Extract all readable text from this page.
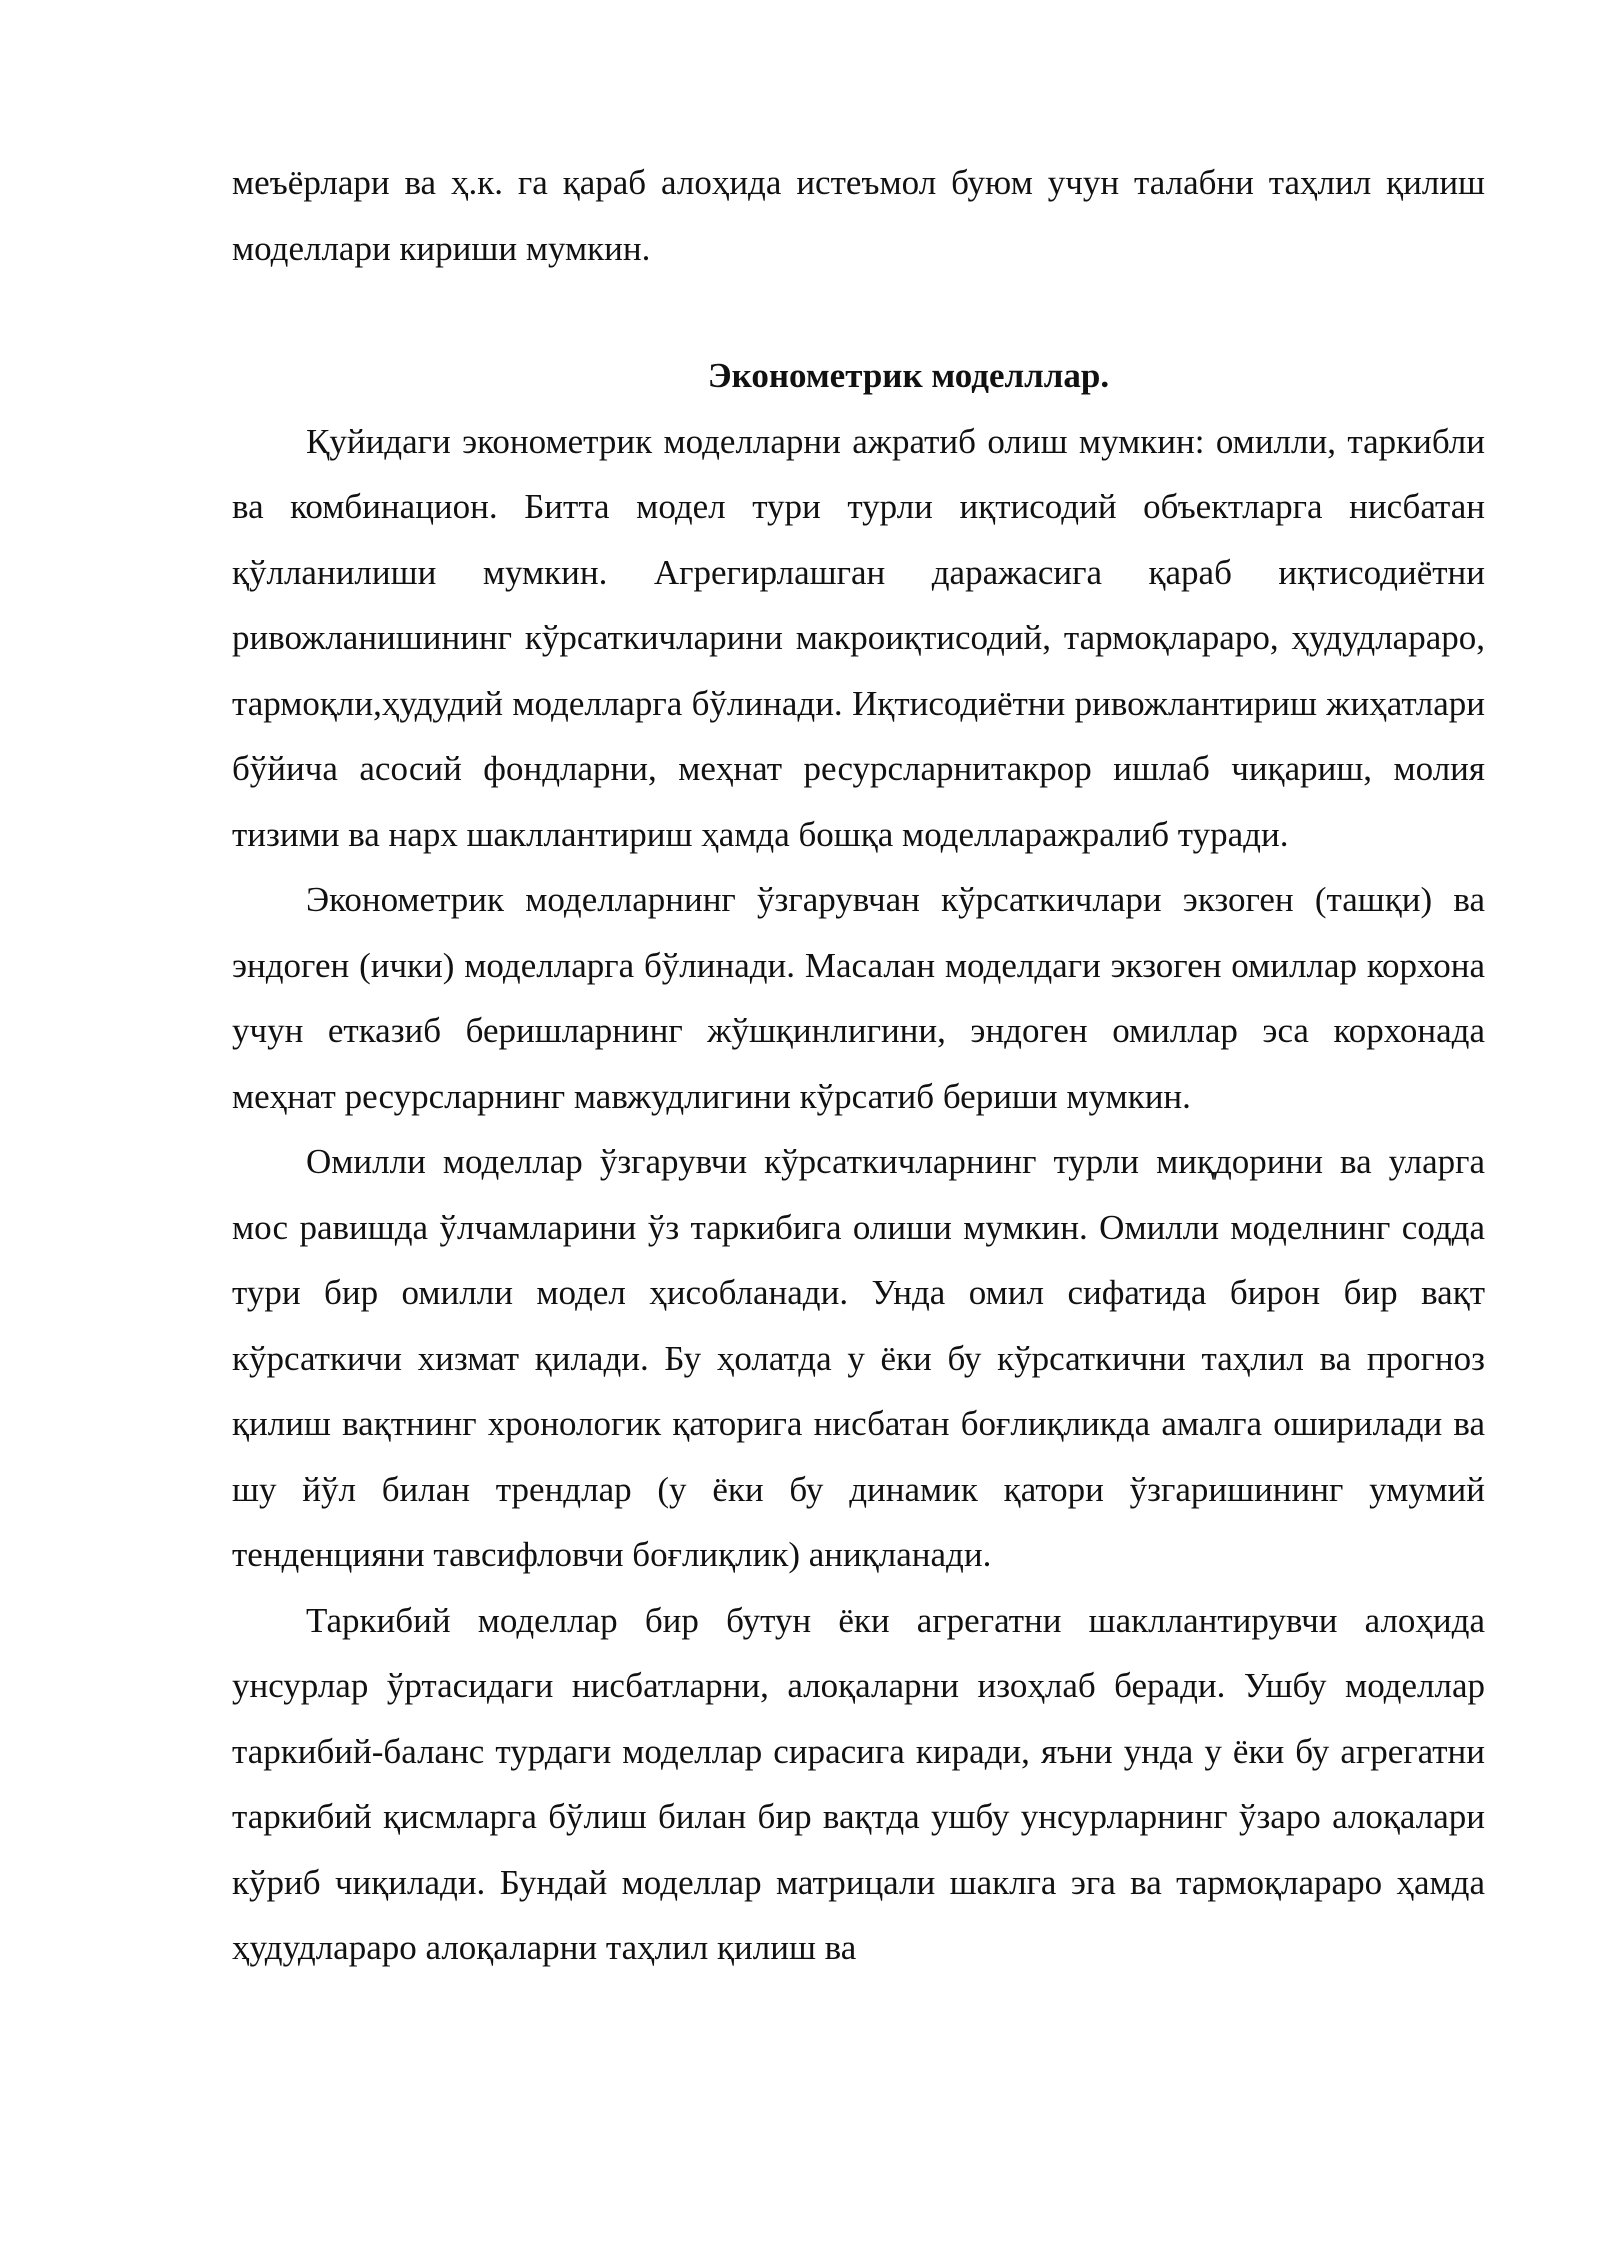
меъёрлари ва ҳ.к. га қараб алоҳида истеъмол буюм учун талабни таҳлил қилиш моделлари кириши мумкин.

Эконометрик моделллар.

Қуйидаги эконометрик моделларни ажратиб олиш мумкин: омилли, таркибли ва комбинацион. Битта модел тури турли иқтисодий объектларга нисбатан қўлланилиши мумкин. Агрегирлашган даражасига қараб иқтисодиётни ривожланишининг кўрсаткичларини макроиқтисодий, тармоқлараро, ҳудудлараро, тармоқли,ҳудудий моделларга бўлинади. Иқтисодиётни ривожлантириш жиҳатлари бўйича асосий фондларни, меҳнат ресурсларнитакрор ишлаб чиқариш, молия тизими ва нарх шакллантириш ҳамда бошқа моделларажралиб туради.

Эконометрик моделларнинг ўзгарувчан кўрсаткичлари экзоген (ташқи) ва эндоген (ички) моделларга бўлинади. Масалан моделдаги экзоген омиллар корхона учун етказиб беришларнинг жўшқинлигини, эндоген омиллар эса корхонада меҳнат ресурсларнинг мавжудлигини кўрсатиб бериши мумкин.

Омилли моделлар ўзгарувчи кўрсаткичларнинг турли миқдорини ва уларга мос равишда ўлчамларини ўз таркибига олиши мумкин. Омилли моделнинг содда тури бир омилли модел ҳисобланади. Унда омил сифатида бирон бир вақт кўрсаткичи хизмат қилади. Бу ҳолатда у ёки бу кўрсаткични таҳлил ва прогноз қилиш вақтнинг хронологик қаторига нисбатан боғлиқликда амалга оширилади ва шу йўл билан трендлар (у ёки бу динамик қатори ўзгаришининг умумий тенденцияни тавсифловчи боғлиқлик) аниқланади.

Таркибий моделлар бир бутун ёки агрегатни шакллантирувчи алоҳида унсурлар ўртасидаги нисбатларни, алоқаларни изоҳлаб беради. Ушбу моделлар таркибий-баланс турдаги моделлар сирасига киради, яъни унда у ёки бу агрегатни таркибий қисмларга бўлиш билан бир вақтда ушбу унсурларнинг ўзаро алоқалари кўриб чиқилади. Бундай моделлар матрицали шаклга эга ва тармоқлараро ҳамда ҳудудлараро алоқаларни таҳлил қилиш ва
